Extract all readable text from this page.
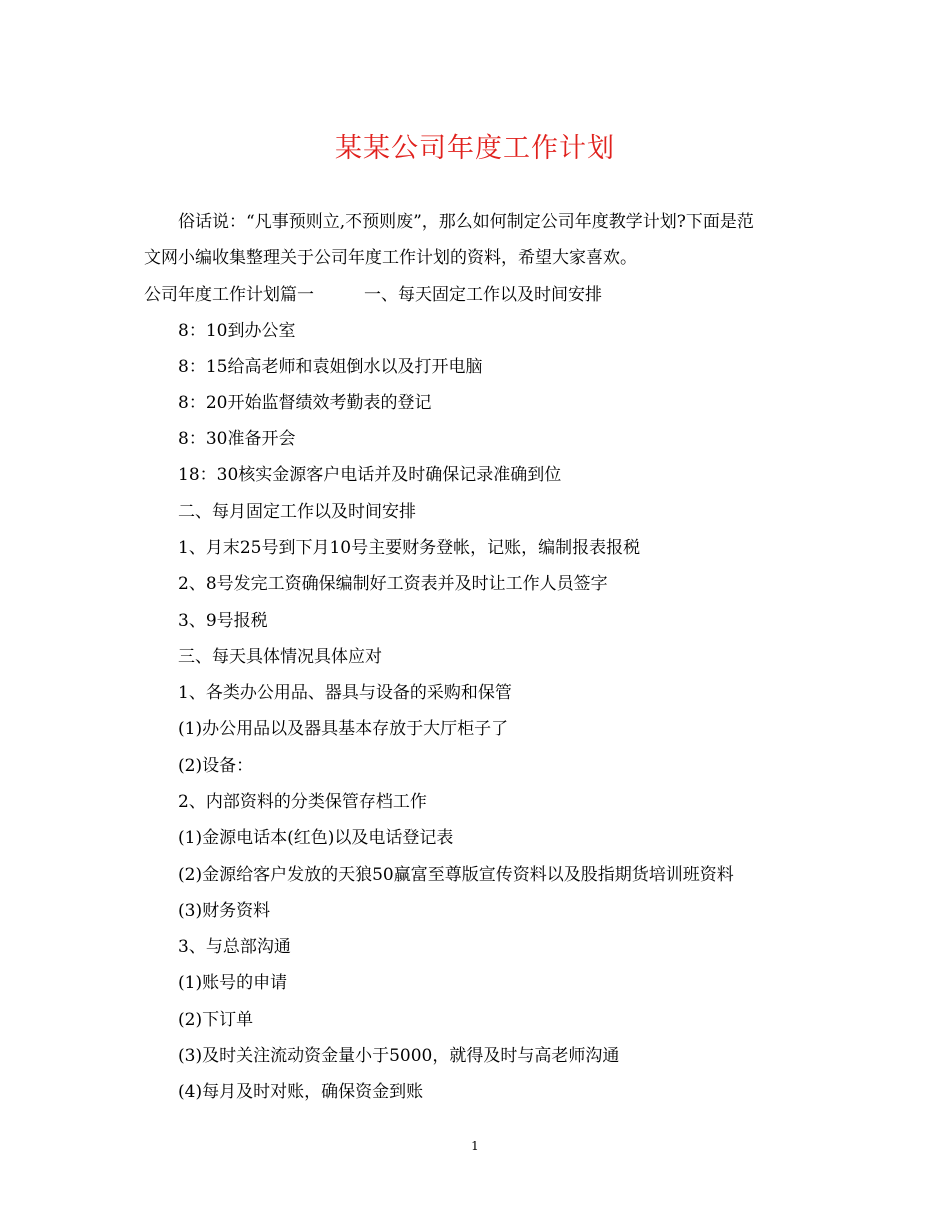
某某公司年度工作计划
俗话说：“凡事预则立,不预则废”，那么如何制定公司年度教学计划?下面是范
文网小编收集整理关于公司年度工作计划的资料，希望大家喜欢。
公司年度工作计划篇一	一、每天固定工作以及时间安排
8：10到办公室
8：15给高老师和袁姐倒水以及打开电脑
8：20开始监督绩效考勤表的登记
8：30准备开会
18：30核实金源客户电话并及时确保记录准确到位
二、每月固定工作以及时间安排
1、月末25号到下月10号主要财务登帐，记账，编制报表报税
2、8号发完工资确保编制好工资表并及时让工作人员签字
3、9号报税
三、每天具体情况具体应对
1、各类办公用品、器具与设备的采购和保管
(1)办公用品以及器具基本存放于大厅柜子了
(2)设备：
2、内部资料的分类保管存档工作
(1)金源电话本(红色)以及电话登记表
(2)金源给客户发放的天狼50赢富至尊版宣传资料以及股指期货培训班资料
(3)财务资料
3、与总部沟通
(1)账号的申请
(2)下订单
(3)及时关注流动资金量小于5000，就得及时与高老师沟通
(4)每月及时对账，确保资金到账
1
